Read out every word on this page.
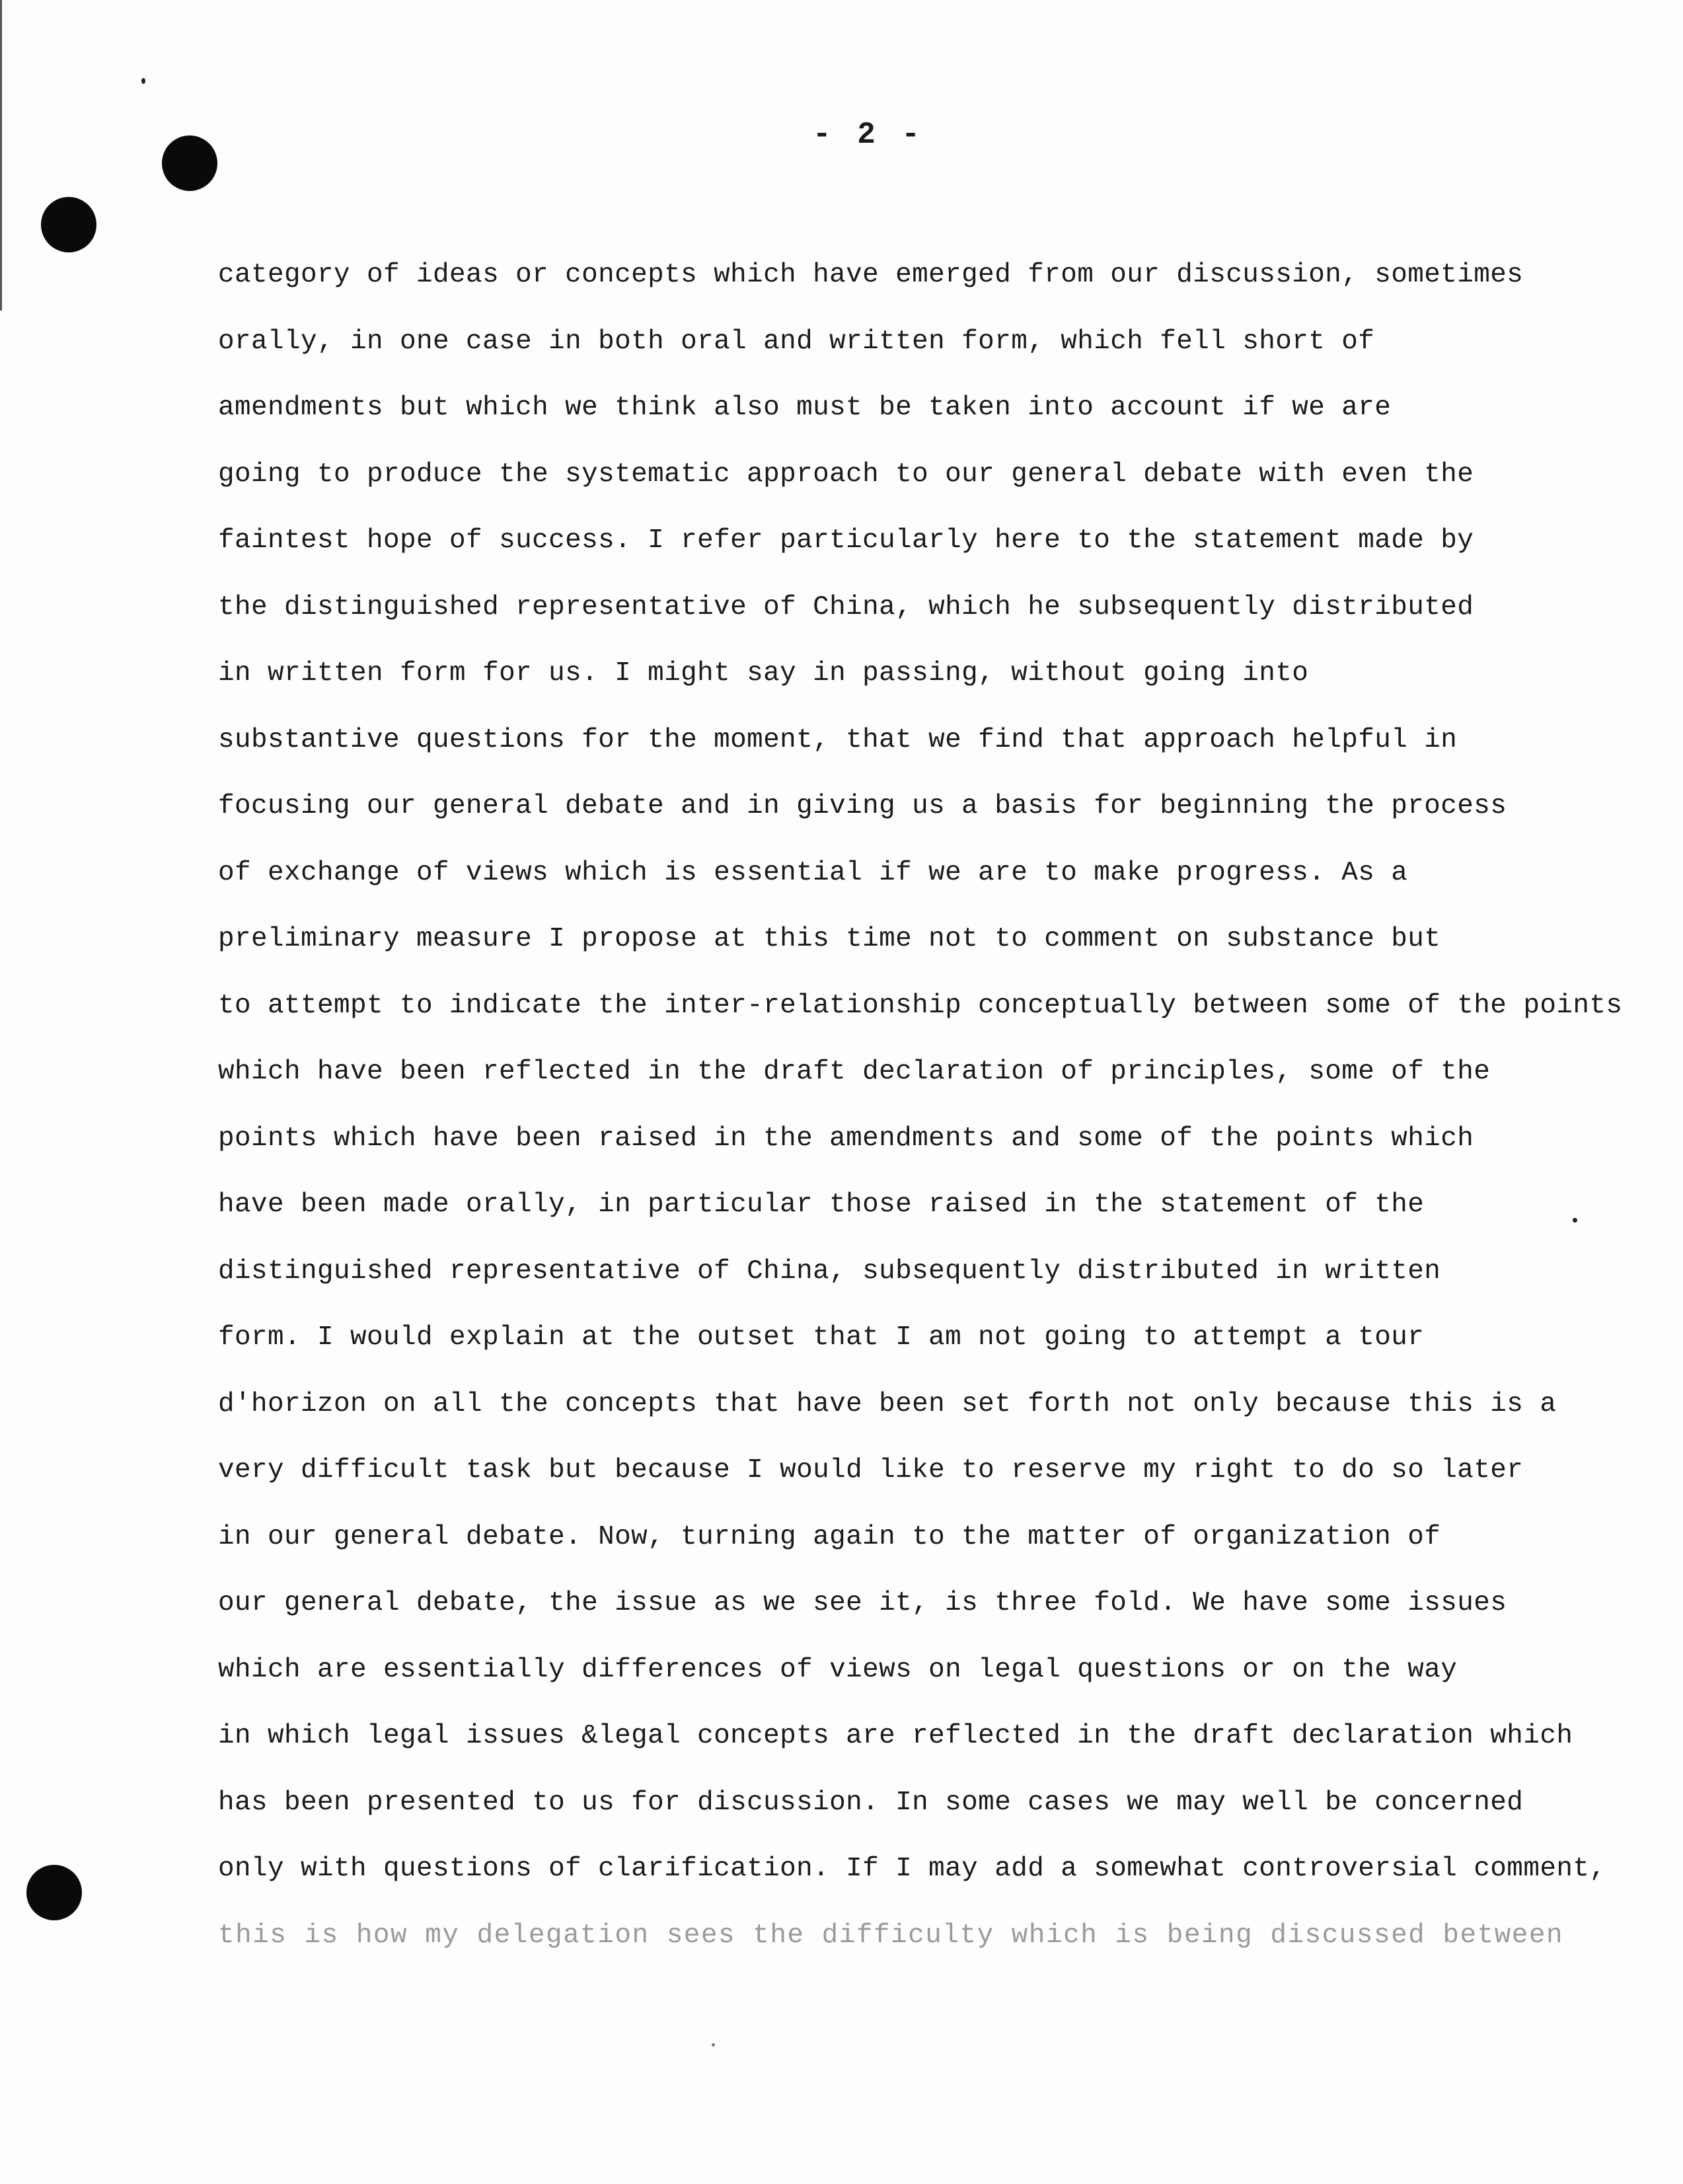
- 2 -
category of ideas or concepts which have emerged from our discussion, sometimes
orally, in one case in both oral and written form, which fell short of
amendments but which we think also must be taken into account if we are
going to produce the systematic approach to our general debate with even the
faintest hope of success. I refer particularly here to the statement made by
the distinguished representative of China, which he subsequently distributed
in written form for us. I might say in passing, without going into
substantive questions for the moment, that we find that approach helpful in
focusing our general debate and in giving us a basis for beginning the process
of exchange of views which is essential if we are to make progress. As a
preliminary measure I propose at this time not to comment on substance but
to attempt to indicate the inter-relationship conceptually between some of the points
which have been reflected in the draft declaration of principles, some of the
points which have been raised in the amendments and some of the points which
have been made orally, in particular those raised in the statement of the
distinguished representative of China, subsequently distributed in written
form. I would explain at the outset that I am not going to attempt a tour
d'horizon on all the concepts that have been set forth not only because this is a
very difficult task but because I would like to reserve my right to do so later
in our general debate. Now, turning again to the matter of organization of
our general debate, the issue as we see it, is three fold. We have some issues
which are essentially differences of views on legal questions or on the way
in which legal issues &legal concepts are reflected in the draft declaration which
has been presented to us for discussion. In some cases we may well be concerned
only with questions of clarification. If I may add a somewhat controversial comment,
this is how my delegation sees the difficulty which is being discussed between
